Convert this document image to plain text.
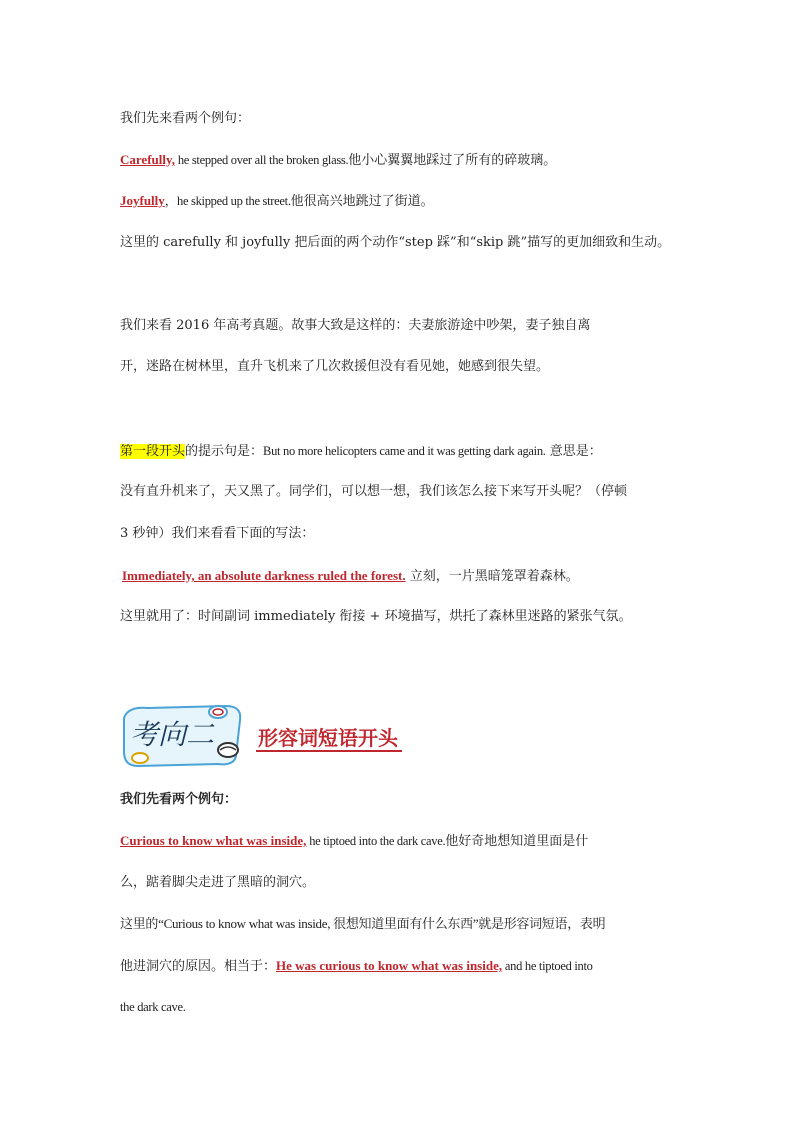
我们先来看两个例句：
Carefully, he stepped over all the broken glass.他小心翼翼地踩过了所有的碎玻璃。
Joyfully，he skipped up the street.他很高兴地跳过了街道。
这里的 carefully 和 joyfully 把后面的两个动作“step 踩”和“skip 跳”描写的更加细致和生动。
我们来看 2016 年高考真题。故事大致是这样的：夫妻旅游途中吵架，妻子独自离
开，迷路在树林里，直升飞机来了几次救援但没有看见她，她感到很失望。
第一段开头的提示句是：But no more helicopters came and it was getting dark again. 意思是：
没有直升机来了，天又黑了。同学们，可以想一想，我们该怎么接下来写开头呢？（停顿
3 秒钟）我们来看看下面的写法：
Immediately, an absolute darkness ruled the forest. 立刻，一片黑暗笼罩着森林。
这里就用了：时间副词 immediately 衔接 + 环境描写，烘托了森林里迷路的紧张气氛。
考向二 形容词短语开头
我们先看两个例句：
Curious to know what was inside, he tiptoed into the dark cave.他好奇地想知道里面是什
么，踮着脚尖走进了黑暗的洞穴。
这里的“Curious to know what was inside, 很想知道里面有什么东西”就是形容词短语，表明
他进洞穴的原因。相当于：He was curious to know what was inside, and he tiptoed into
the dark cave.
